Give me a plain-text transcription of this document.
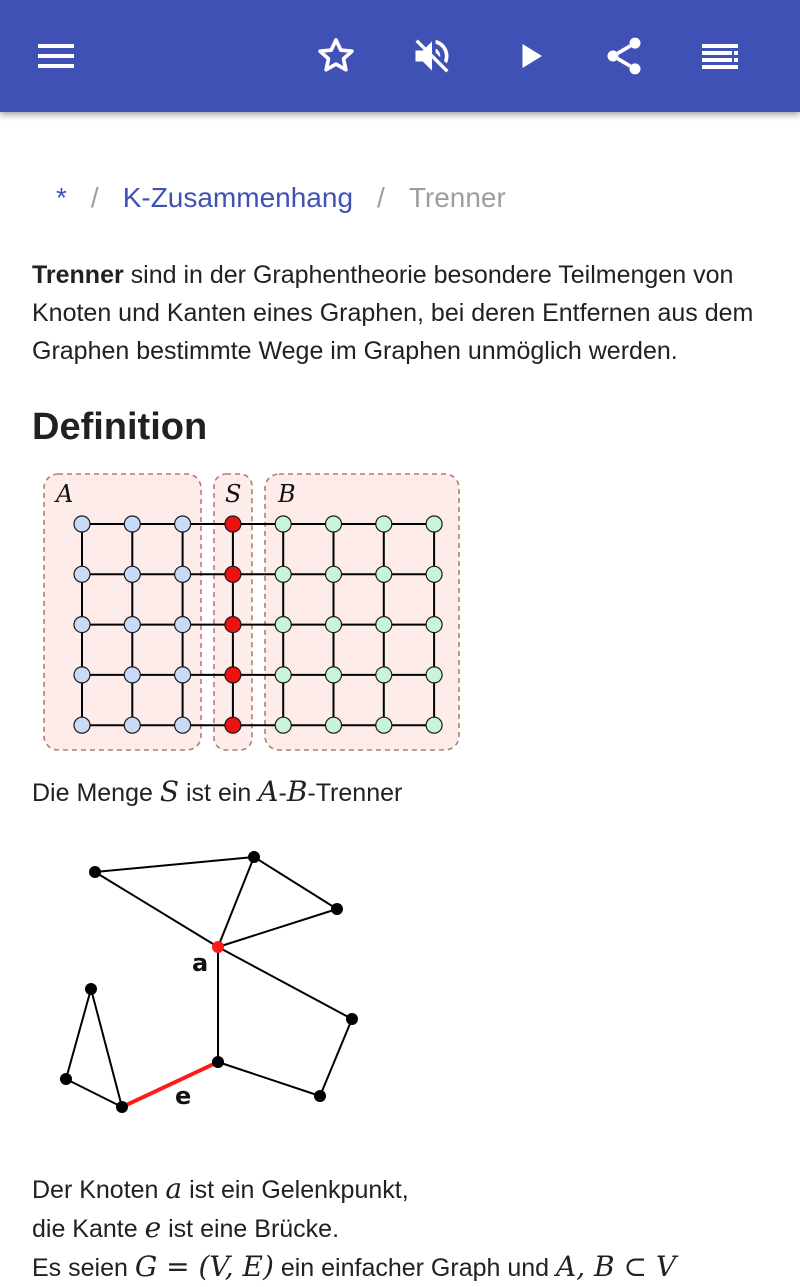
* / K-Zusammenhang / Trenner

Trenner sind in der Graphentheorie besondere Teilmengen von Knoten und Kanten eines Graphen, bei deren Entfernen aus dem Graphen bestimmte Wege im Graphen unmöglich werden.

Definition
A	S B
Die Menge S ist ein A-B-Trenner
a
e
Der Knoten a ist ein Gelenkpunkt,
die Kante e ist eine Brücke.
Es seien G = (V, E) ein einfacher Graph und A, B ⊂ V
